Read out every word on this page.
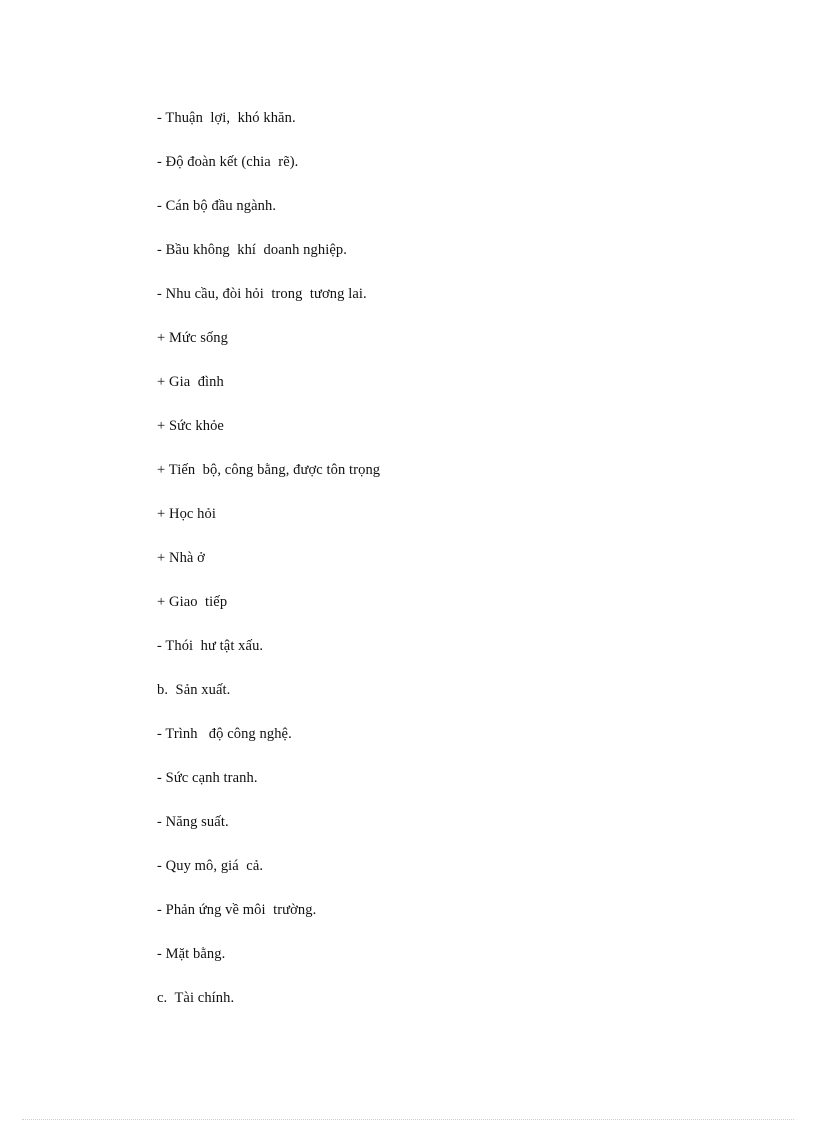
- Thuận  lợi,  khó khăn.
- Độ đoàn kết (chia  rẽ).
- Cán bộ đầu ngành.
- Bầu không  khí  doanh nghiệp.
- Nhu cầu, đòi hỏi  trong  tương lai.
+ Mức sống
+ Gia  đình
+ Sức khỏe
+ Tiến  bộ, công bằng, được tôn trọng
+ Học hỏi
+ Nhà ở
+ Giao  tiếp
- Thói  hư tật xấu.
b.  Sản xuất.
- Trình   độ công nghệ.
- Sức cạnh tranh.
- Năng suất.
- Quy mô, giá  cả.
- Phản ứng về môi  trường.
- Mặt bằng.
c.  Tài chính.
